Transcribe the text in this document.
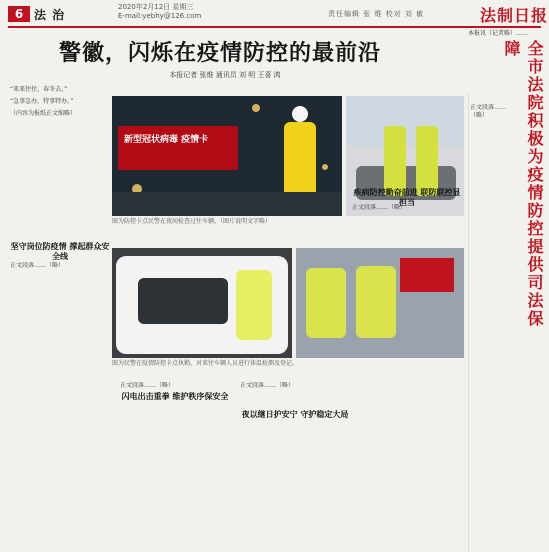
6 法 治
2020年2月12日 星期三
E-mail:yebhy@126.com	责任编辑 张 维 校对 刘 敏	法制日报
警徽，闪烁在疫情防控的最前沿
本报记者 张维 通讯员 刘 明 王喜 鸿

“来来往往，春冬去。”

“急事急办，特事特办。”

（内容为报纸正文缩略）

新型冠状病毒 疫情卡
图为防控卡点民警在夜间检查过往车辆。（图片说明文字略）
图为民警在疫情防控卡点执勤，对来往车辆人员进行体温检测及登记。
坚守岗位防疫情 撑起群众安全线
闪电出击重拳 维护秩序保安全
夜以继日护安宁 守护稳定大局
疾病防控勤奋前进 联防联控显担当
正文段落……（略）
正文段落……（略）	正文段落……（略）
正文段落……（略）
本报讯（记者略）……
全市法院积极为疫情防控提供司法保障
正文段落……（略）
